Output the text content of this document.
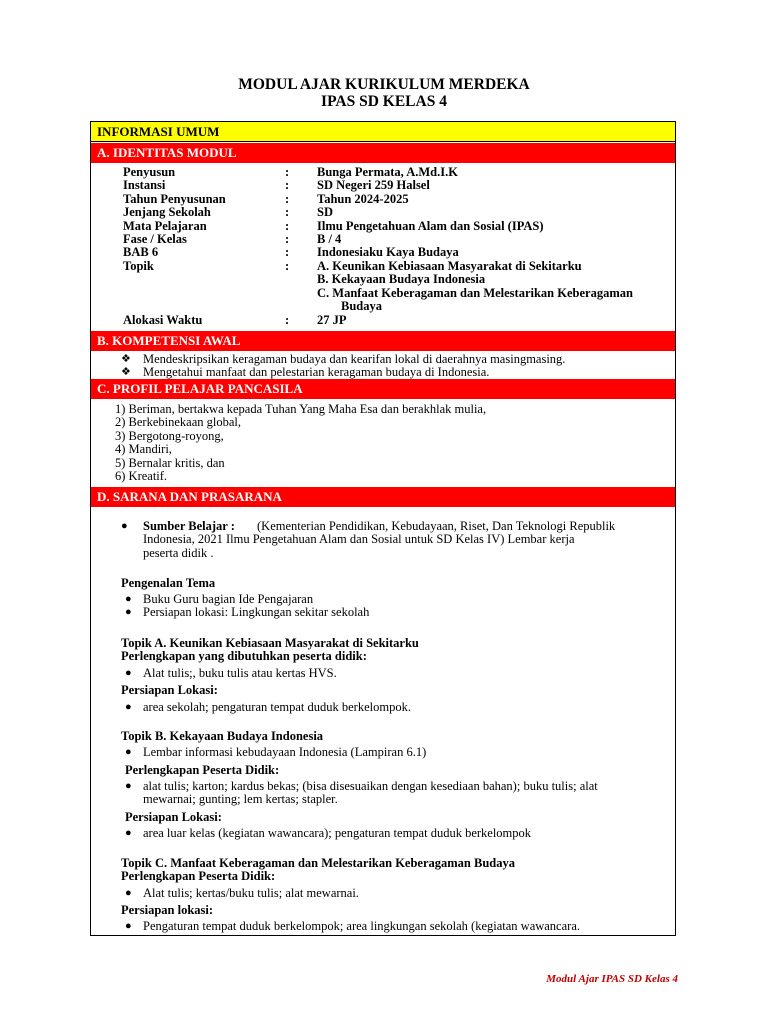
MODUL AJAR KURIKULUM MERDEKA
IPAS SD KELAS 4
INFORMASI UMUM
A. IDENTITAS MODUL
Penyusun	: Bunga Permata, A.Md.I.K
Instansi	: SD Negeri 259 Halsel
Tahun Penyusunan	: Tahun 2024-2025
Jenjang Sekolah	: SD
Mata Pelajaran	: Ilmu Pengetahuan Alam dan Sosial (IPAS)
Fase / Kelas	: B / 4
BAB 6	: Indonesiaku Kaya Budaya
Topik	: A. Keunikan Kebiasaan Masyarakat di Sekitarku
B. Kekayaan Budaya Indonesia
C. Manfaat Keberagaman dan Melestarikan Keberagaman
Budaya
Alokasi Waktu	: 27 JP
B. KOMPETENSI AWAL
❖ Mendeskripsikan keragaman budaya dan kearifan lokal di daerahnya masingmasing.
❖ Mengetahui manfaat dan pelestarian keragaman budaya di Indonesia.
C. PROFIL PELAJAR PANCASILA
1) Beriman, bertakwa kepada Tuhan Yang Maha Esa dan berakhlak mulia,
2) Berkebinekaan global,
3) Bergotong-royong,
4) Mandiri,
5) Bernalar kritis, dan
6) Kreatif.
D. SARANA DAN PRASARANA
● Sumber Belajar : (Kementerian Pendidikan, Kebudayaan, Riset, Dan Teknologi Republik
Indonesia, 2021 Ilmu Pengetahuan Alam dan Sosial untuk SD Kelas IV) Lembar kerja
peserta didik .
Pengenalan Tema
● Buku Guru bagian Ide Pengajaran
● Persiapan lokasi: Lingkungan sekitar sekolah
Topik A. Keunikan Kebiasaan Masyarakat di Sekitarku
Perlengkapan yang dibutuhkan peserta didik:
● Alat tulis;, buku tulis atau kertas HVS.
Persiapan Lokasi:
● area sekolah; pengaturan tempat duduk berkelompok.
Topik B. Kekayaan Budaya Indonesia
● Lembar informasi kebudayaan Indonesia (Lampiran 6.1)
Perlengkapan Peserta Didik:
● alat tulis; karton; kardus bekas; (bisa disesuaikan dengan kesediaan bahan); buku tulis; alat
mewarnai; gunting; lem kertas; stapler.
Persiapan Lokasi:
● area luar kelas (kegiatan wawancara); pengaturan tempat duduk berkelompok
Topik C. Manfaat Keberagaman dan Melestarikan Keberagaman Budaya
Perlengkapan Peserta Didik:
● Alat tulis; kertas/buku tulis; alat mewarnai.
Persiapan lokasi:
● Pengaturan tempat duduk berkelompok; area lingkungan sekolah (kegiatan wawancara.
Modul Ajar IPAS SD Kelas 4
